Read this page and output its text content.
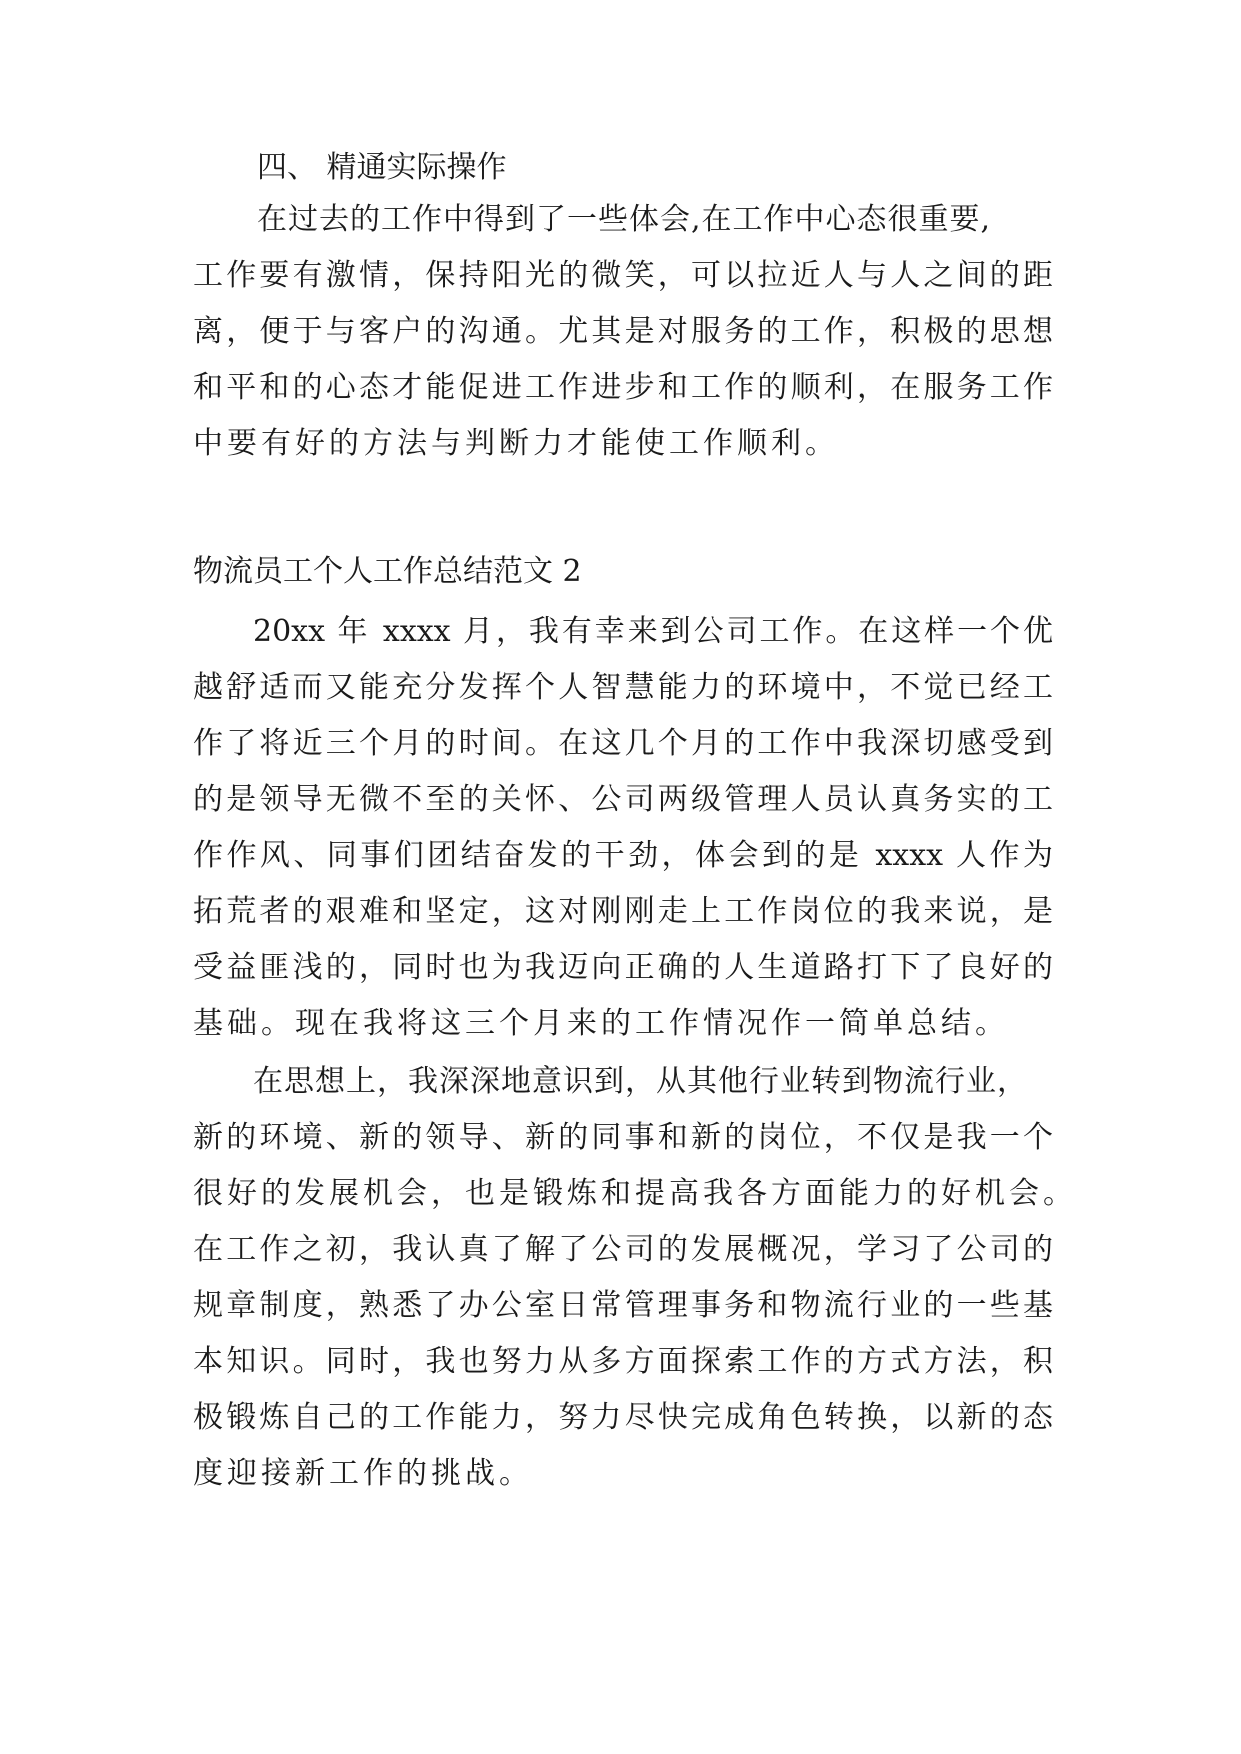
四、 精通实际操作
在过去的工作中得到了一些体会,在工作中心态很重要,
工作要有激情，保持阳光的微笑，可以拉近人与人之间的距
离，便于与客户的沟通。尤其是对服务的工作，积极的思想
和平和的心态才能促进工作进步和工作的顺利，在服务工作
中要有好的方法与判断力才能使工作顺利。
物流员工个人工作总结范文 2
20xx 年 xxxx 月，我有幸来到公司工作。在这样一个优
越舒适而又能充分发挥个人智慧能力的环境中，不觉已经工
作了将近三个月的时间。在这几个月的工作中我深切感受到
的是领导无微不至的关怀、公司两级管理人员认真务实的工
作作风、同事们团结奋发的干劲，体会到的是 xxxx 人作为
拓荒者的艰难和坚定，这对刚刚走上工作岗位的我来说，是
受益匪浅的，同时也为我迈向正确的人生道路打下了良好的
基础。现在我将这三个月来的工作情况作一简单总结。
在思想上，我深深地意识到，从其他行业转到物流行业，
新的环境、新的领导、新的同事和新的岗位，不仅是我一个
很好的发展机会，也是锻炼和提高我各方面能力的好机会。
在工作之初，我认真了解了公司的发展概况，学习了公司的
规章制度，熟悉了办公室日常管理事务和物流行业的一些基
本知识。同时，我也努力从多方面探索工作的方式方法，积
极锻炼自己的工作能力，努力尽快完成角色转换，以新的态
度迎接新工作的挑战。
